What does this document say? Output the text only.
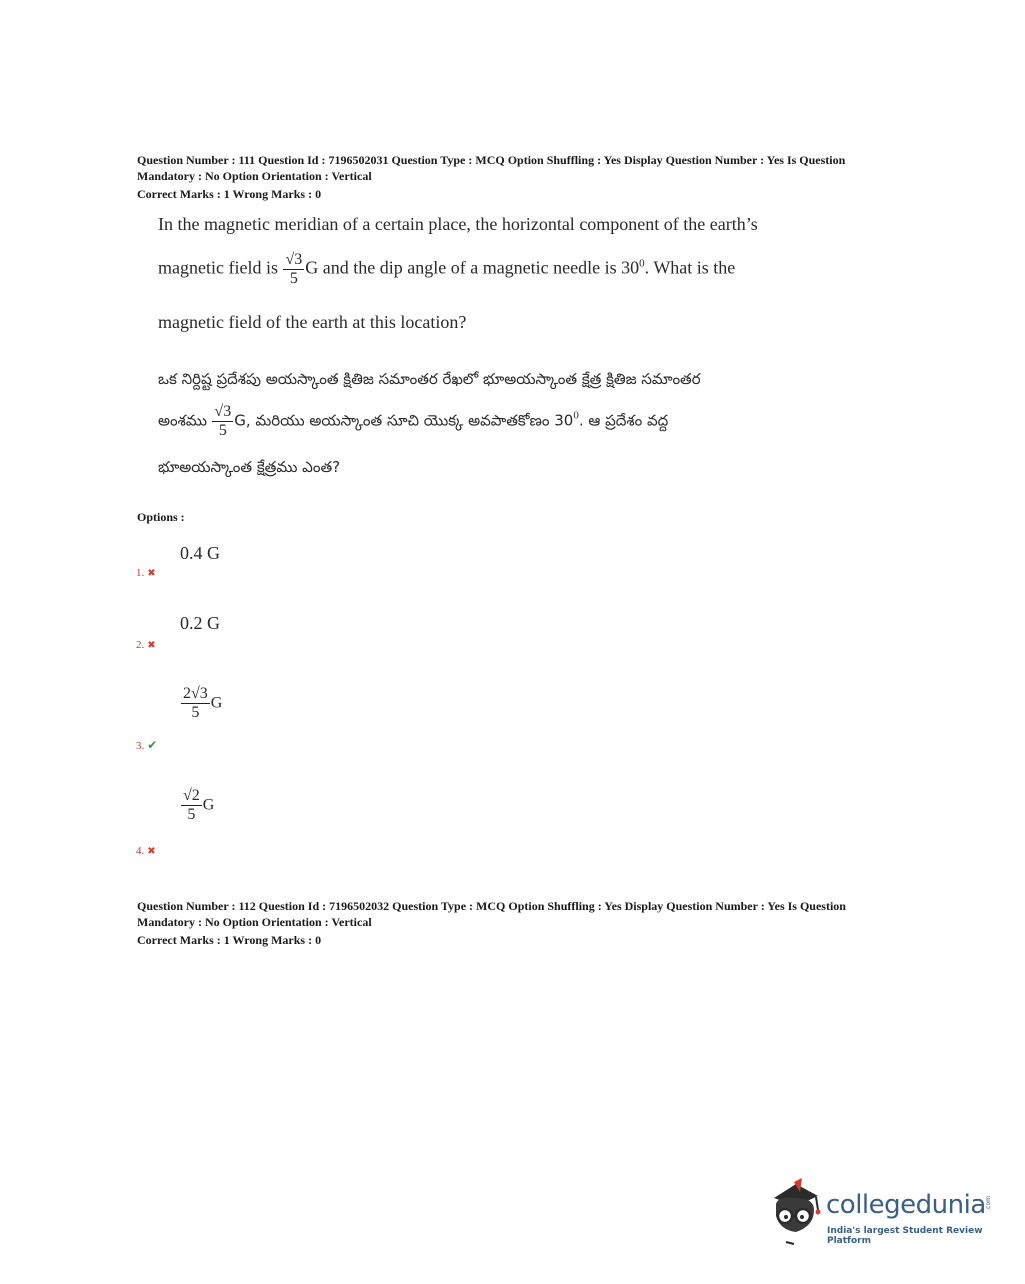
Question Number : 111 Question Id : 7196502031 Question Type : MCQ Option Shuffling : Yes Display Question Number : Yes Is Question
Mandatory : No Option Orientation : Vertical
Correct Marks : 1 Wrong Marks : 0
In the magnetic meridian of a certain place, the horizontal component of the earth’s
magnetic field is $\frac{√3}{5}$ G and the dip angle of a magnetic needle is $30^0$. What is the
magnetic field of the earth at this location?
ఒక నిర్దిష్ట ప్రదేశపు అయస్కాంత క్షితిజ సమాంతర రేఖలో భూఅయస్కాంత క్షేత్ర క్షితిజ సమాంతర
అంశము $\frac{√3}{5} G$, మరియు అయస్కాంత సూచి యొక్క అవపాతకోణం $30^0$. ఆ ప్రదేశం వద్ద
భూఅయస్కాంత క్షేత్రము ఎంత?
Options :
0.4 G
1. ✖
0.2 G
2. ✖
$\frac{2√3}{5}$ G
3. ✔
$\frac{√2}{5}$ G
4. ✖
Question Number : 112 Question Id : 7196502032 Question Type : MCQ Option Shuffling : Yes Display Question Number : Yes Is Question
Mandatory : No Option Orientation : Vertical
Correct Marks : 1 Wrong Marks : 0
collegedunia .com
India's largest Student Review Platform
